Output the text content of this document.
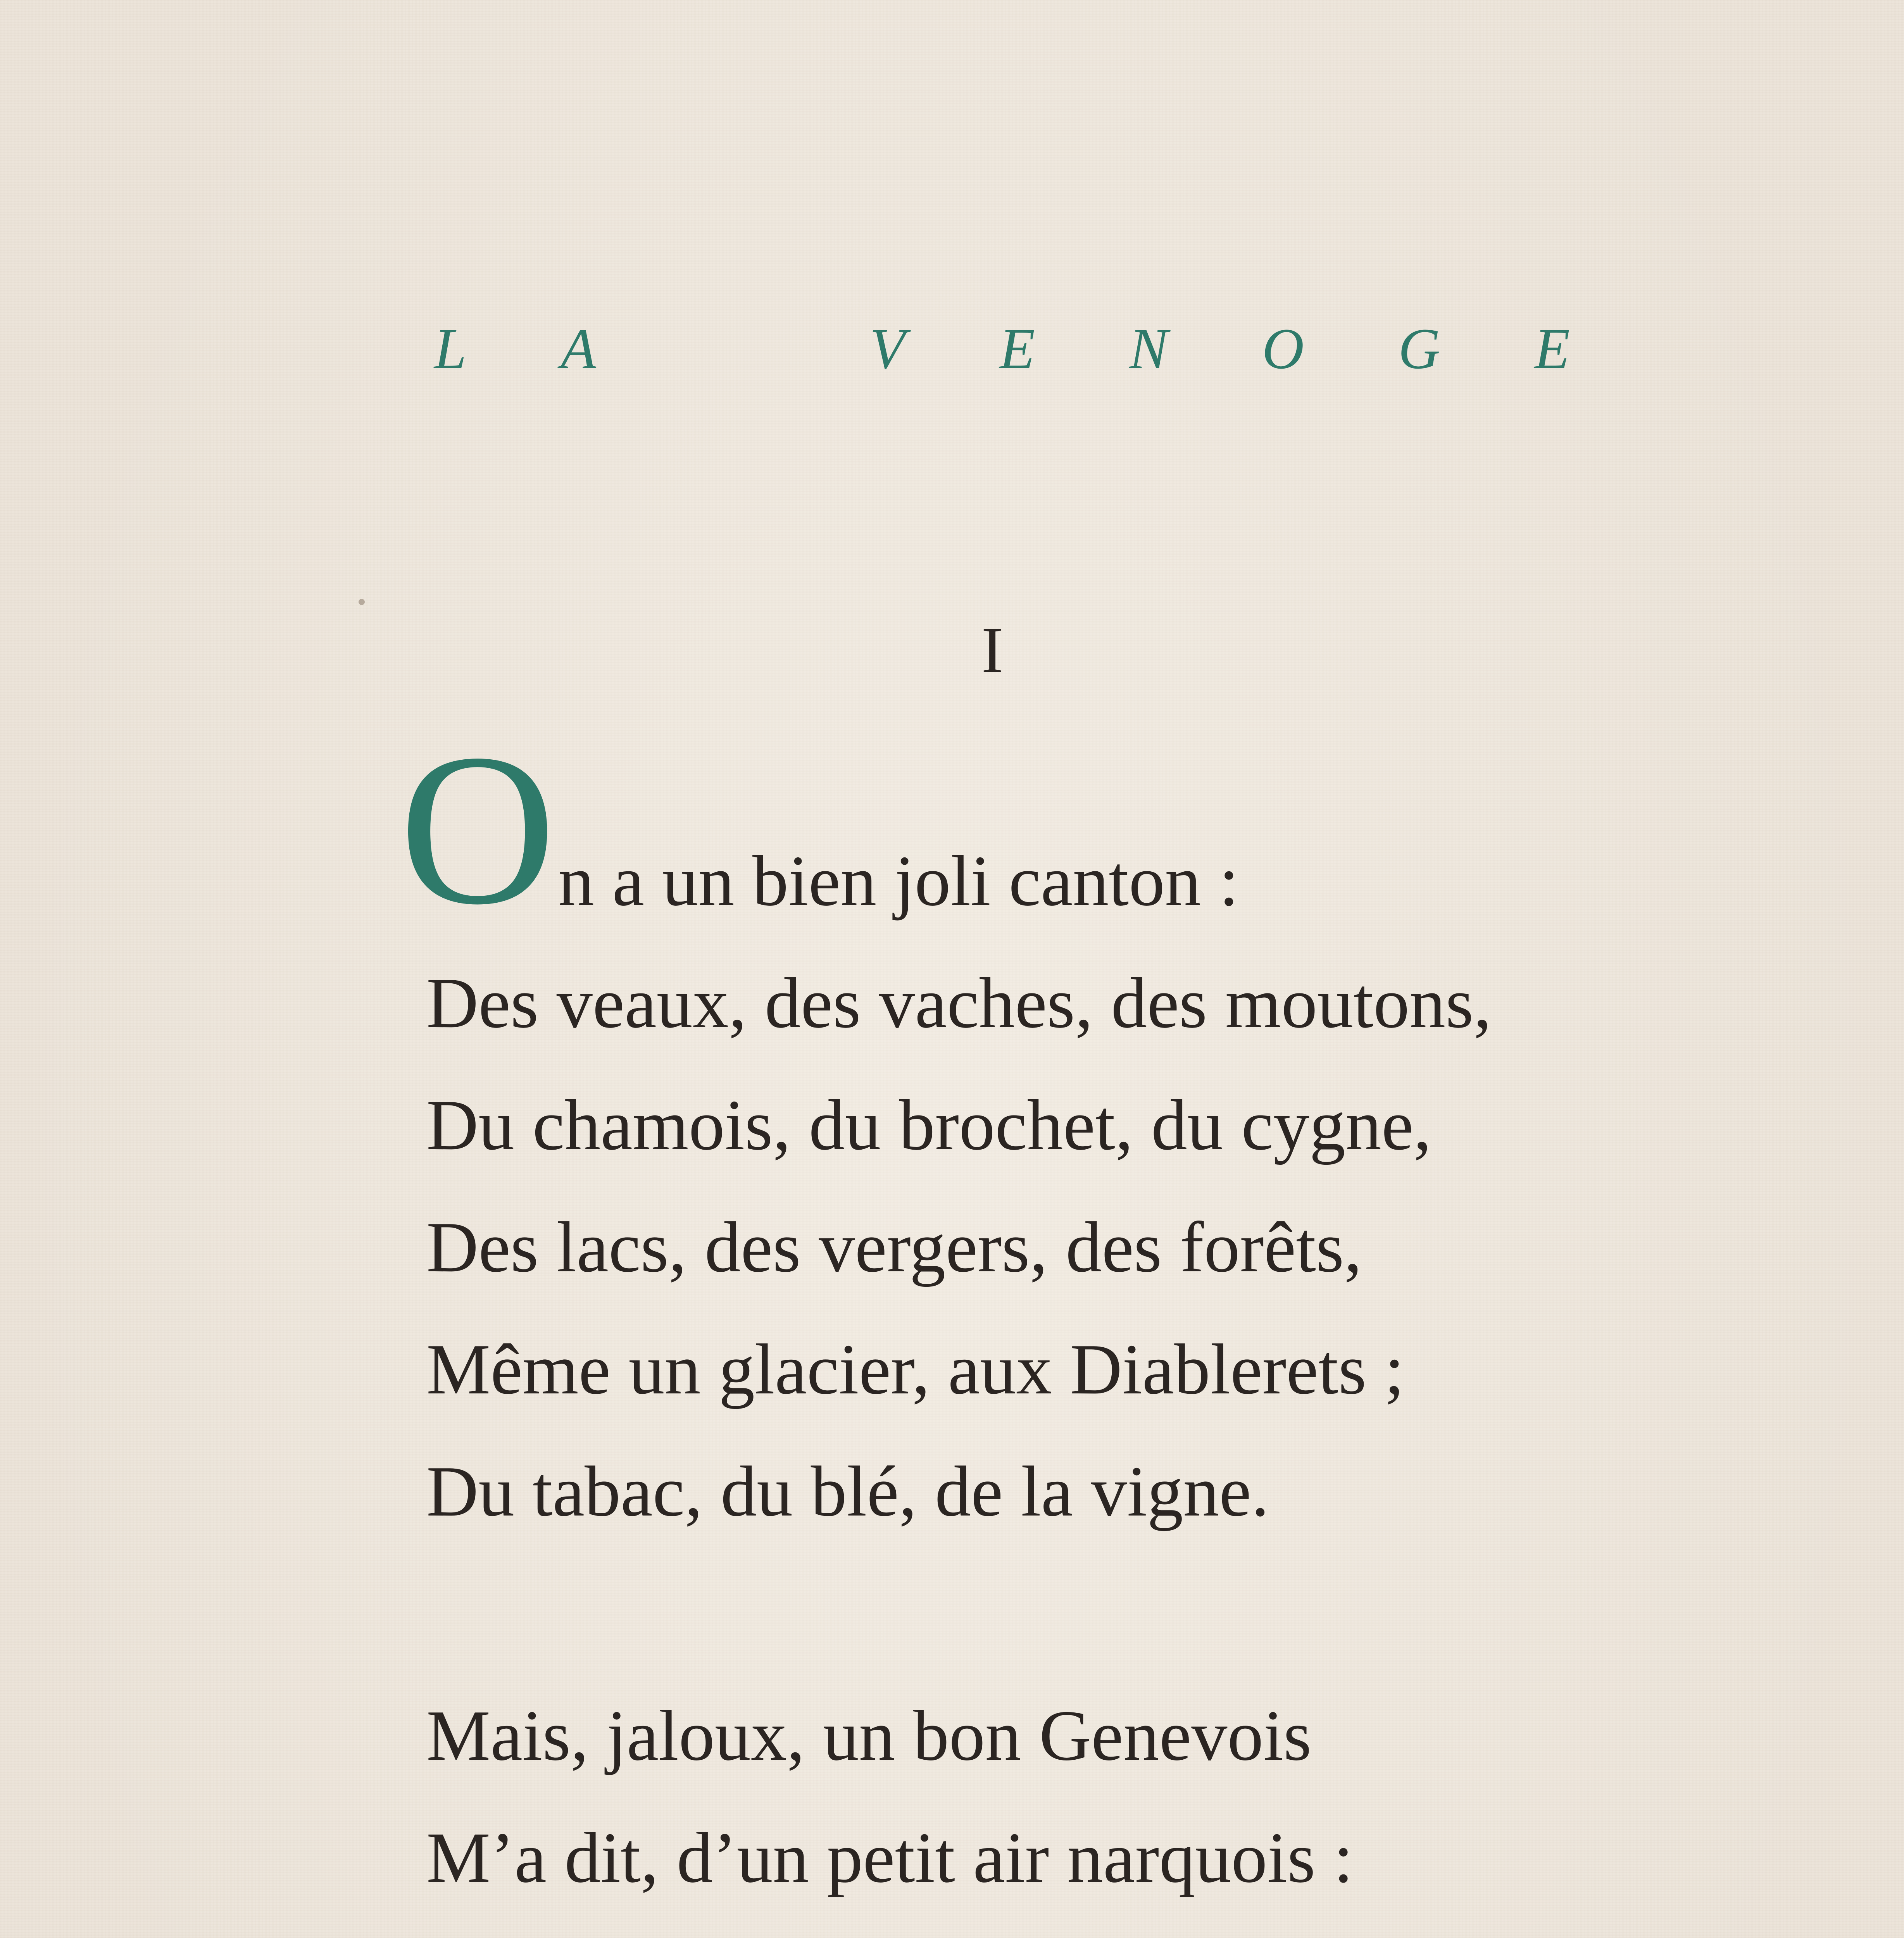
L A	V E N O G E
I
O n a un bien joli canton :
Des veaux, des vaches, des moutons,
Du chamois, du brochet, du cygne,
Des lacs, des vergers, des forêts,
Même un glacier, aux Diablerets ;
Du tabac, du blé, de la vigne.
Mais, jaloux, un bon Genevois
M’a dit, d’un petit air narquois :
